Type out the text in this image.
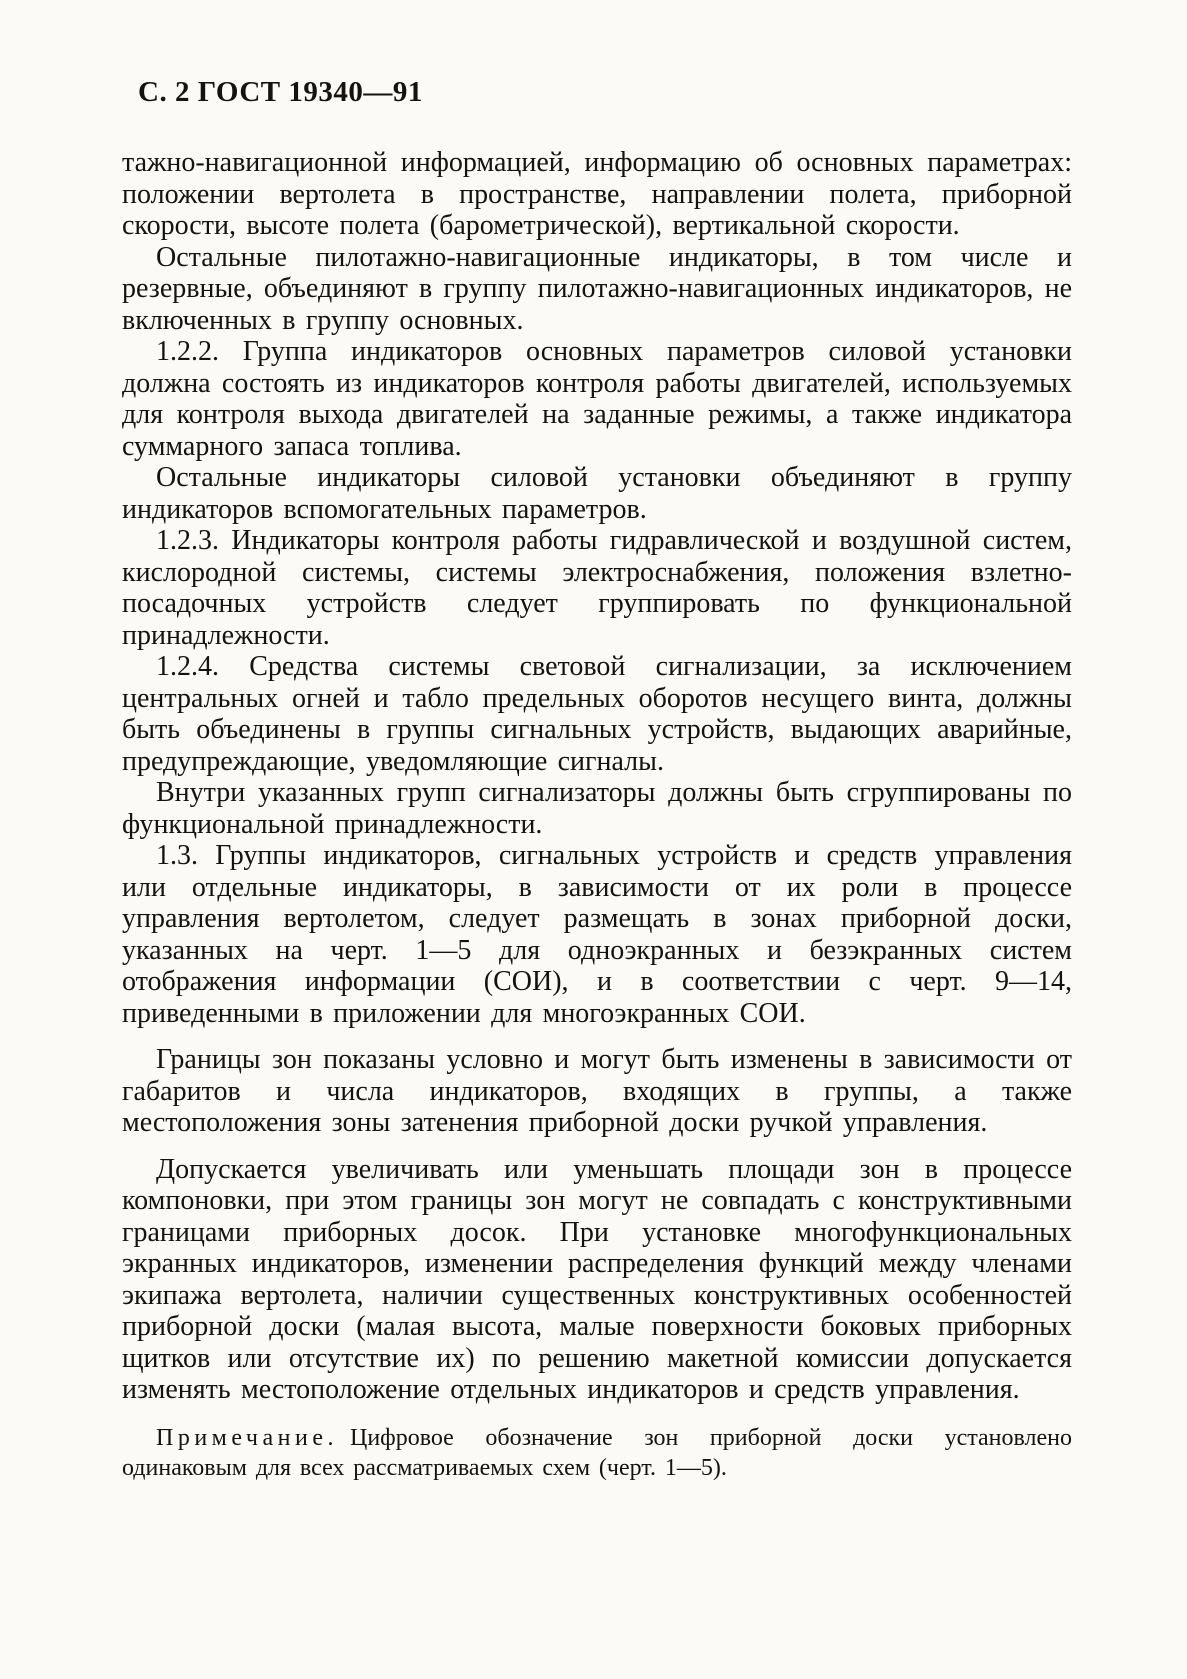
С. 2 ГОСТ 19340—91

тажно-навигационной информацией, информацию об основных параметрах: положении вертолета в пространстве, направлении полета, приборной скорости, высоте полета (барометрической), вертикальной скорости.

Остальные пилотажно-навигационные индикаторы, в том числе и резервные, объединяют в группу пилотажно-навигационных индикаторов, не включенных в группу основных.

1.2.2. Группа индикаторов основных параметров силовой установки должна состоять из индикаторов контроля работы двигателей, используемых для контроля выхода двигателей на заданные режимы, а также индикатора суммарного запаса топлива.

Остальные индикаторы силовой установки объединяют в группу индикаторов вспомогательных параметров.

1.2.3. Индикаторы контроля работы гидравлической и воздушной систем, кислородной системы, системы электроснабжения, положения взлетно-посадочных устройств следует группировать по функциональной принадлежности.

1.2.4. Средства системы световой сигнализации, за исключением центральных огней и табло предельных оборотов несущего винта, должны быть объединены в группы сигнальных устройств, выдающих аварийные, предупреждающие, уведомляющие сигналы.

Внутри указанных групп сигнализаторы должны быть сгруппированы по функциональной принадлежности.

1.3. Группы индикаторов, сигнальных устройств и средств управления или отдельные индикаторы, в зависимости от их роли в процессе управления вертолетом, следует размещать в зонах приборной доски, указанных на черт. 1—5 для одноэкранных и безэкранных систем отображения информации (СОИ), и в соответствии с черт. 9—14, приведенными в приложении для многоэкранных СОИ.

Границы зон показаны условно и могут быть изменены в зависимости от габаритов и числа индикаторов, входящих в группы, а также местоположения зоны затенения приборной доски ручкой управления.

Допускается увеличивать или уменьшать площади зон в процессе компоновки, при этом границы зон могут не совпадать с конструктивными границами приборных досок. При установке многофункциональных экранных индикаторов, изменении распределения функций между членами экипажа вертолета, наличии существенных конструктивных особенностей приборной доски (малая высота, малые поверхности боковых приборных щитков или отсутствие их) по решению макетной комиссии допускается изменять местоположение отдельных индикаторов и средств управления.

Примечание. Цифровое обозначение зон приборной доски установлено одинаковым для всех рассматриваемых схем (черт. 1—5).
